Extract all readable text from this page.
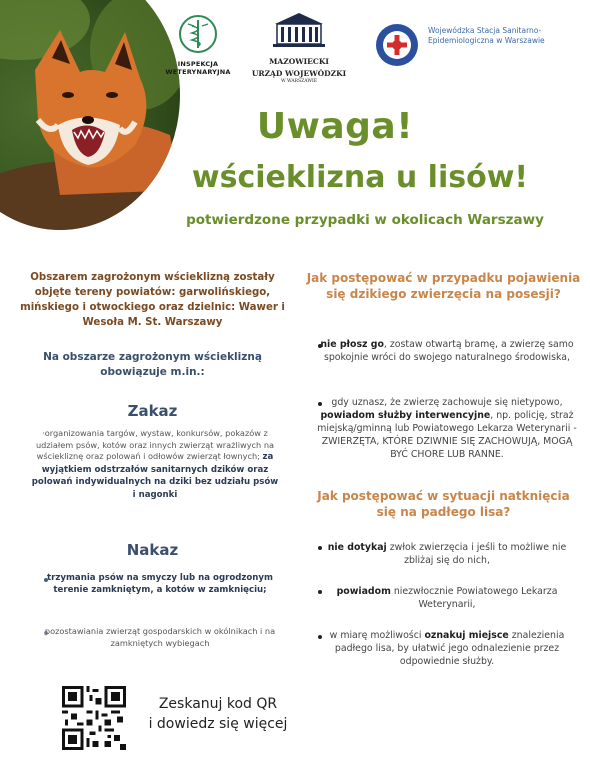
INSPEKCJA WETERYNARYJNA
MAZOWIECKI
URZĄD WOJEWÓDZKI
W WARSZAWIE
Wojewódzka Stacja Sanitarno-Epidemiologiczna w Warszawie
Uwaga!
wścieklizna u lisów!
potwierdzone przypadki w okolicach Warszawy
Obszarem zagrożonym wścieklizną zostały objęte tereny powiatów: garwolińskiego, mińskiego i otwockiego oraz dzielnic: Wawer i Wesoła M. St. Warszawy
Na obszarze zagrożonym wścieklizną obowiązuje m.in.:
Zakaz
·organizowania targów, wystaw, konkursów, pokazów z udziałem psów, kotów oraz innych zwierząt wrażliwych na wściekliznę oraz polowań i odłowów zwierząt łownych; za wyjątkiem odstrzałów sanitarnych dzików oraz polowań indywidualnych na dziki bez udziału psów i nagonki
Nakaz
trzymania psów na smyczy lub na ogrodzonym terenie zamkniętym, a kotów w zamknięciu;
pozostawiania zwierząt gospodarskich w okólnikach i na zamkniętych wybiegach
Zeskanuj kod QR
i dowiedz się więcej
Jak postępować w przypadku pojawienia się dzikiego zwierzęcia na posesji?
nie płosz go, zostaw otwartą bramę, a zwierzę samo spokojnie wróci do swojego naturalnego środowiska,
gdy uznasz, że zwierzę zachowuje się nietypowo, powiadom służby interwencyjne, np. policję, straż miejską/gminną lub Powiatowego Lekarza Weterynarii - ZWIERZĘTA, KTÓRE DZIWNIE SIĘ ZACHOWUJĄ, MOGĄ BYĆ CHORE LUB RANNE.
Jak postępować w sytuacji natknięcia się na padłego lisa?
nie dotykaj zwłok zwierzęcia i jeśli to możliwe nie zbliżaj się do nich,
powiadom niezwłocznie Powiatowego Lekarza Weterynarii,
w miarę możliwości oznakuj miejsce znalezienia padłego lisa, by ułatwić jego odnalezienie przez odpowiednie służby.
